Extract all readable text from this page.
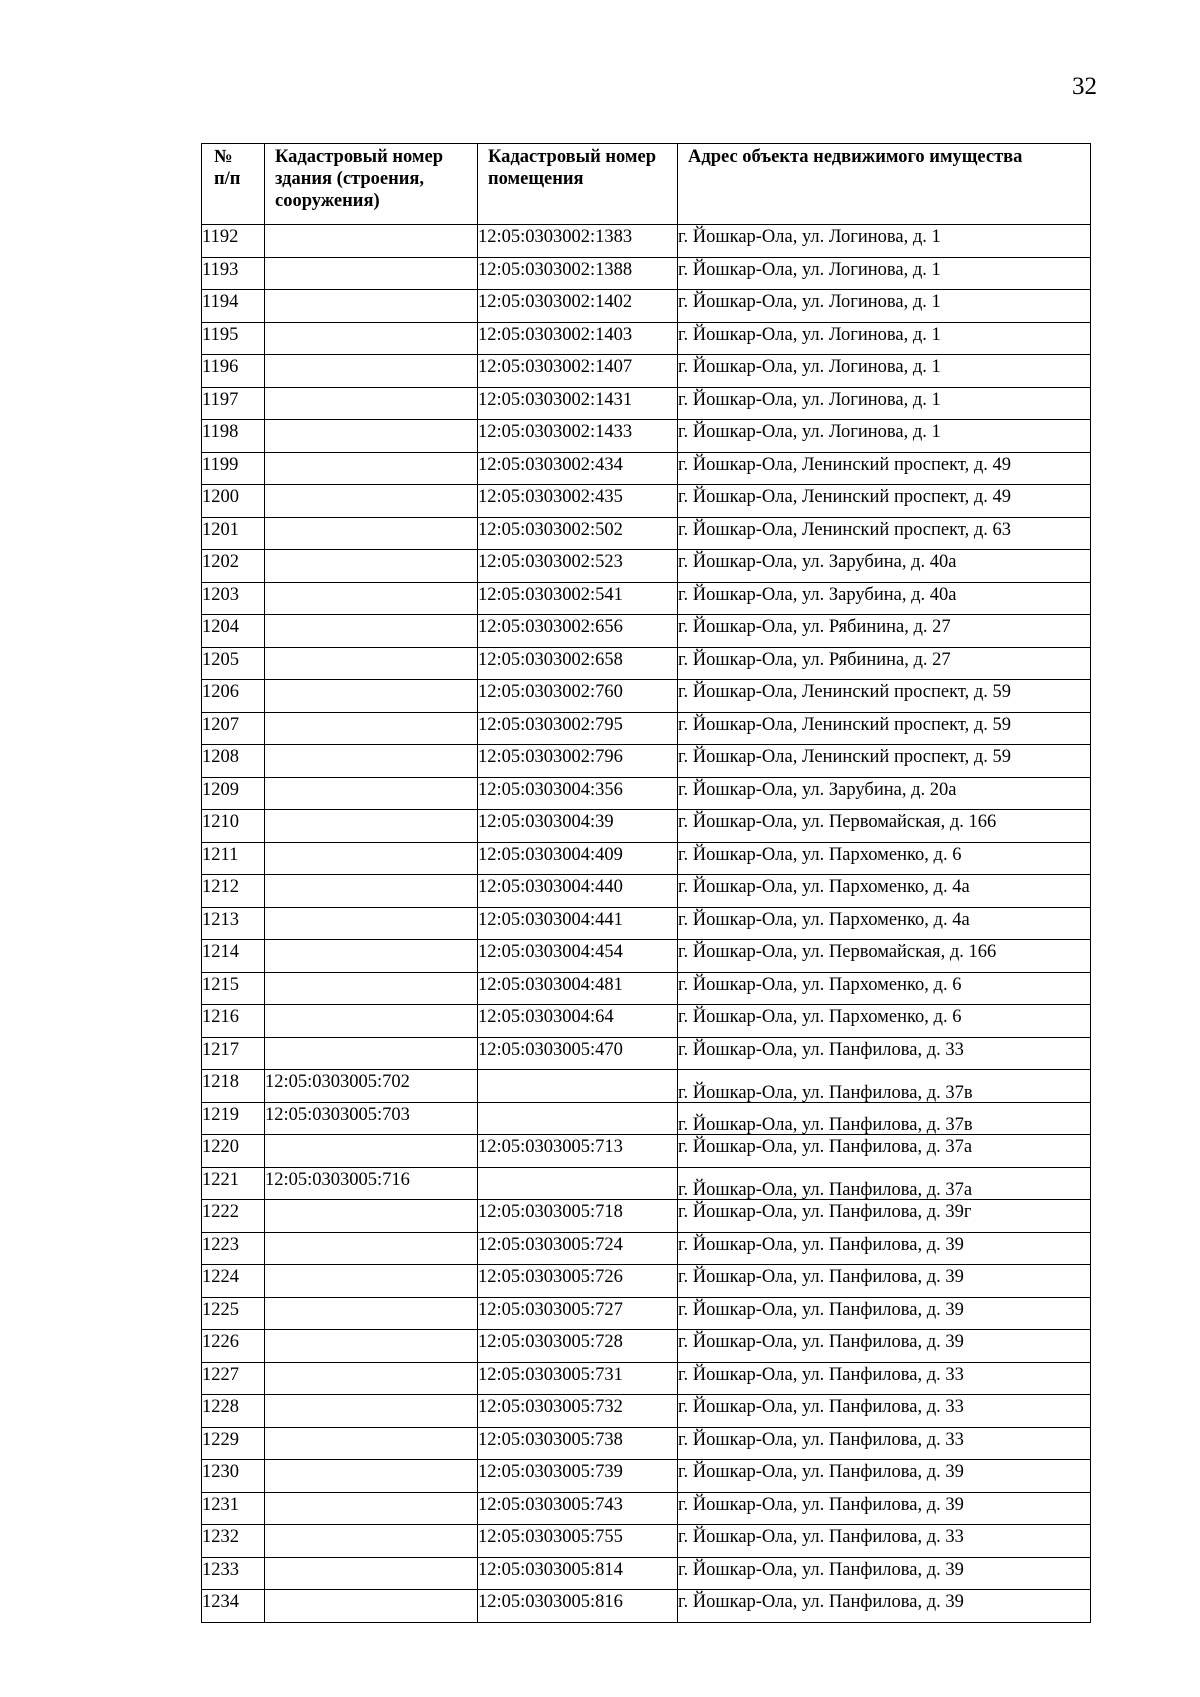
32
№
п/п	Кадастровый номер здания (строения, сооружения)	Кадастровый номер помещения	Адрес объекта недвижимого имущества
1192		12:05:0303002:1383	г. Йошкар-Ола, ул. Логинова, д. 1
1193		12:05:0303002:1388	г. Йошкар-Ола, ул. Логинова, д. 1
1194		12:05:0303002:1402	г. Йошкар-Ола, ул. Логинова, д. 1
1195		12:05:0303002:1403	г. Йошкар-Ола, ул. Логинова, д. 1
1196		12:05:0303002:1407	г. Йошкар-Ола, ул. Логинова, д. 1
1197		12:05:0303002:1431	г. Йошкар-Ола, ул. Логинова, д. 1
1198		12:05:0303002:1433	г. Йошкар-Ола, ул. Логинова, д. 1
1199		12:05:0303002:434	г. Йошкар-Ола, Ленинский проспект, д. 49
1200		12:05:0303002:435	г. Йошкар-Ола, Ленинский проспект, д. 49
1201		12:05:0303002:502	г. Йошкар-Ола, Ленинский проспект, д. 63
1202		12:05:0303002:523	г. Йошкар-Ола, ул. Зарубина, д. 40а
1203		12:05:0303002:541	г. Йошкар-Ола, ул. Зарубина, д. 40а
1204		12:05:0303002:656	г. Йошкар-Ола, ул. Рябинина, д. 27
1205		12:05:0303002:658	г. Йошкар-Ола, ул. Рябинина, д. 27
1206		12:05:0303002:760	г. Йошкар-Ола, Ленинский проспект, д. 59
1207		12:05:0303002:795	г. Йошкар-Ола, Ленинский проспект, д. 59
1208		12:05:0303002:796	г. Йошкар-Ола, Ленинский проспект, д. 59
1209		12:05:0303004:356	г. Йошкар-Ола, ул. Зарубина, д. 20а
1210		12:05:0303004:39	г. Йошкар-Ола, ул. Первомайская, д. 166
1211		12:05:0303004:409	г. Йошкар-Ола, ул. Пархоменко, д. 6
1212		12:05:0303004:440	г. Йошкар-Ола, ул. Пархоменко, д. 4а
1213		12:05:0303004:441	г. Йошкар-Ола, ул. Пархоменко, д. 4а
1214		12:05:0303004:454	г. Йошкар-Ола, ул. Первомайская, д. 166
1215		12:05:0303004:481	г. Йошкар-Ола, ул. Пархоменко, д. 6
1216		12:05:0303004:64	г. Йошкар-Ола, ул. Пархоменко, д. 6
1217		12:05:0303005:470	г. Йошкар-Ола, ул. Панфилова, д. 33
1218	12:05:0303005:702		г. Йошкар-Ола, ул. Панфилова, д. 37в
1219	12:05:0303005:703		г. Йошкар-Ола, ул. Панфилова, д. 37в
1220		12:05:0303005:713	г. Йошкар-Ола, ул. Панфилова, д. 37а
1221	12:05:0303005:716		г. Йошкар-Ола, ул. Панфилова, д. 37а
1222		12:05:0303005:718	г. Йошкар-Ола, ул. Панфилова, д. 39г
1223		12:05:0303005:724	г. Йошкар-Ола, ул. Панфилова, д. 39
1224		12:05:0303005:726	г. Йошкар-Ола, ул. Панфилова, д. 39
1225		12:05:0303005:727	г. Йошкар-Ола, ул. Панфилова, д. 39
1226		12:05:0303005:728	г. Йошкар-Ола, ул. Панфилова, д. 39
1227		12:05:0303005:731	г. Йошкар-Ола, ул. Панфилова, д. 33
1228		12:05:0303005:732	г. Йошкар-Ола, ул. Панфилова, д. 33
1229		12:05:0303005:738	г. Йошкар-Ола, ул. Панфилова, д. 33
1230		12:05:0303005:739	г. Йошкар-Ола, ул. Панфилова, д. 39
1231		12:05:0303005:743	г. Йошкар-Ола, ул. Панфилова, д. 39
1232		12:05:0303005:755	г. Йошкар-Ола, ул. Панфилова, д. 33
1233		12:05:0303005:814	г. Йошкар-Ола, ул. Панфилова, д. 39
1234		12:05:0303005:816	г. Йошкар-Ола, ул. Панфилова, д. 39
